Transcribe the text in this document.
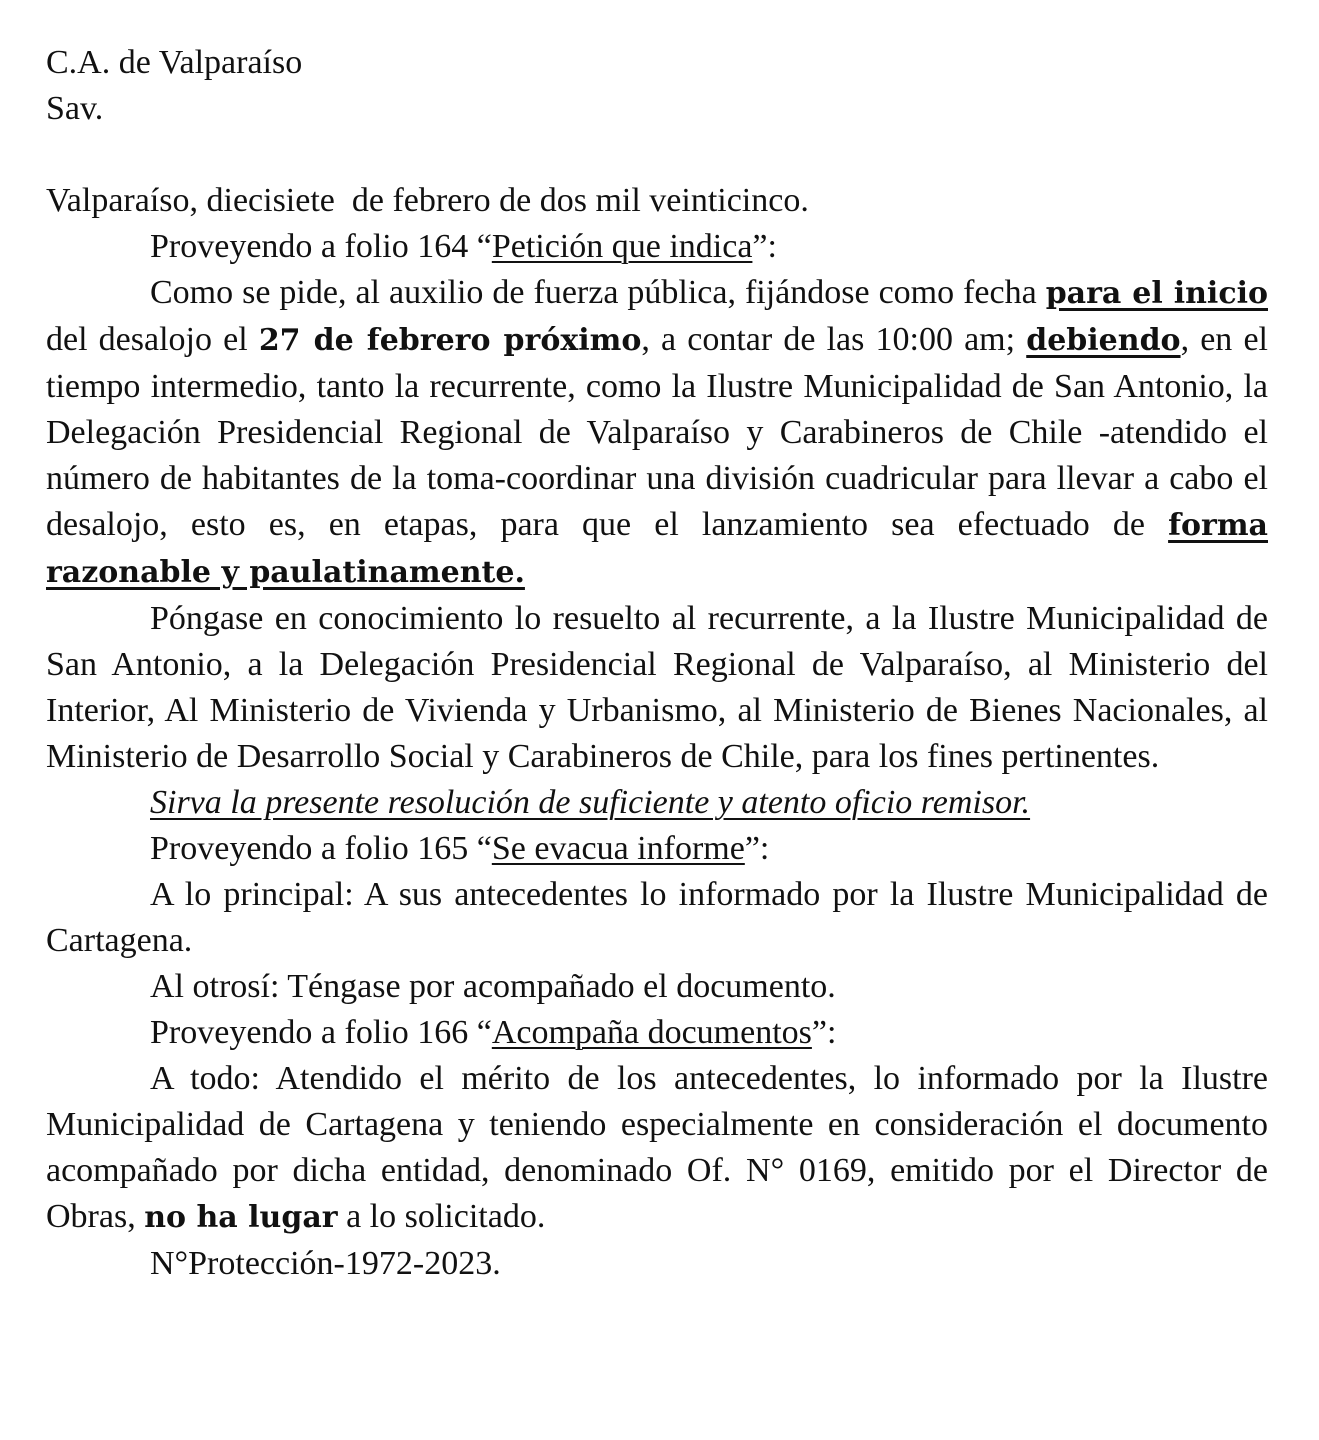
C.A. de Valparaíso
Sav.
Valparaíso, diecisiete  de febrero de dos mil veinticinco.

Proveyendo a folio 164 “Petición que indica”:

Como se pide, al auxilio de fuerza pública, fijándose como fecha para el inicio del desalojo el 27 de febrero próximo, a contar de las 10:00 am; debiendo, en el tiempo intermedio, tanto la recurrente, como la Ilustre Municipalidad de San Antonio, la Delegación Presidencial Regional de Valparaíso y Carabineros de Chile -atendido el número de habitantes de la toma-coordinar una división cuadricular para llevar a cabo el desalojo, esto es, en etapas, para que el lanzamiento sea efectuado de forma razonable y paulatinamente.

Póngase en conocimiento lo resuelto al recurrente, a la Ilustre Municipalidad de San Antonio, a la Delegación Presidencial Regional de Valparaíso, al Ministerio del Interior, Al Ministerio de Vivienda y Urbanismo, al Ministerio de Bienes Nacionales, al Ministerio de Desarrollo Social y Carabineros de Chile, para los fines pertinentes.

Sirva la presente resolución de suficiente y atento oficio remisor.

Proveyendo a folio 165 “Se evacua informe”:

A lo principal: A sus antecedentes lo informado por la Ilustre Municipalidad de Cartagena.

Al otrosí: Téngase por acompañado el documento.

Proveyendo a folio 166 “Acompaña documentos”:

A todo: Atendido el mérito de los antecedentes, lo informado por la Ilustre Municipalidad de Cartagena y teniendo especialmente en consideración el documento acompañado por dicha entidad, denominado Of. N° 0169, emitido por el Director de Obras, no ha lugar a lo solicitado.

N°Protección-1972-2023.
